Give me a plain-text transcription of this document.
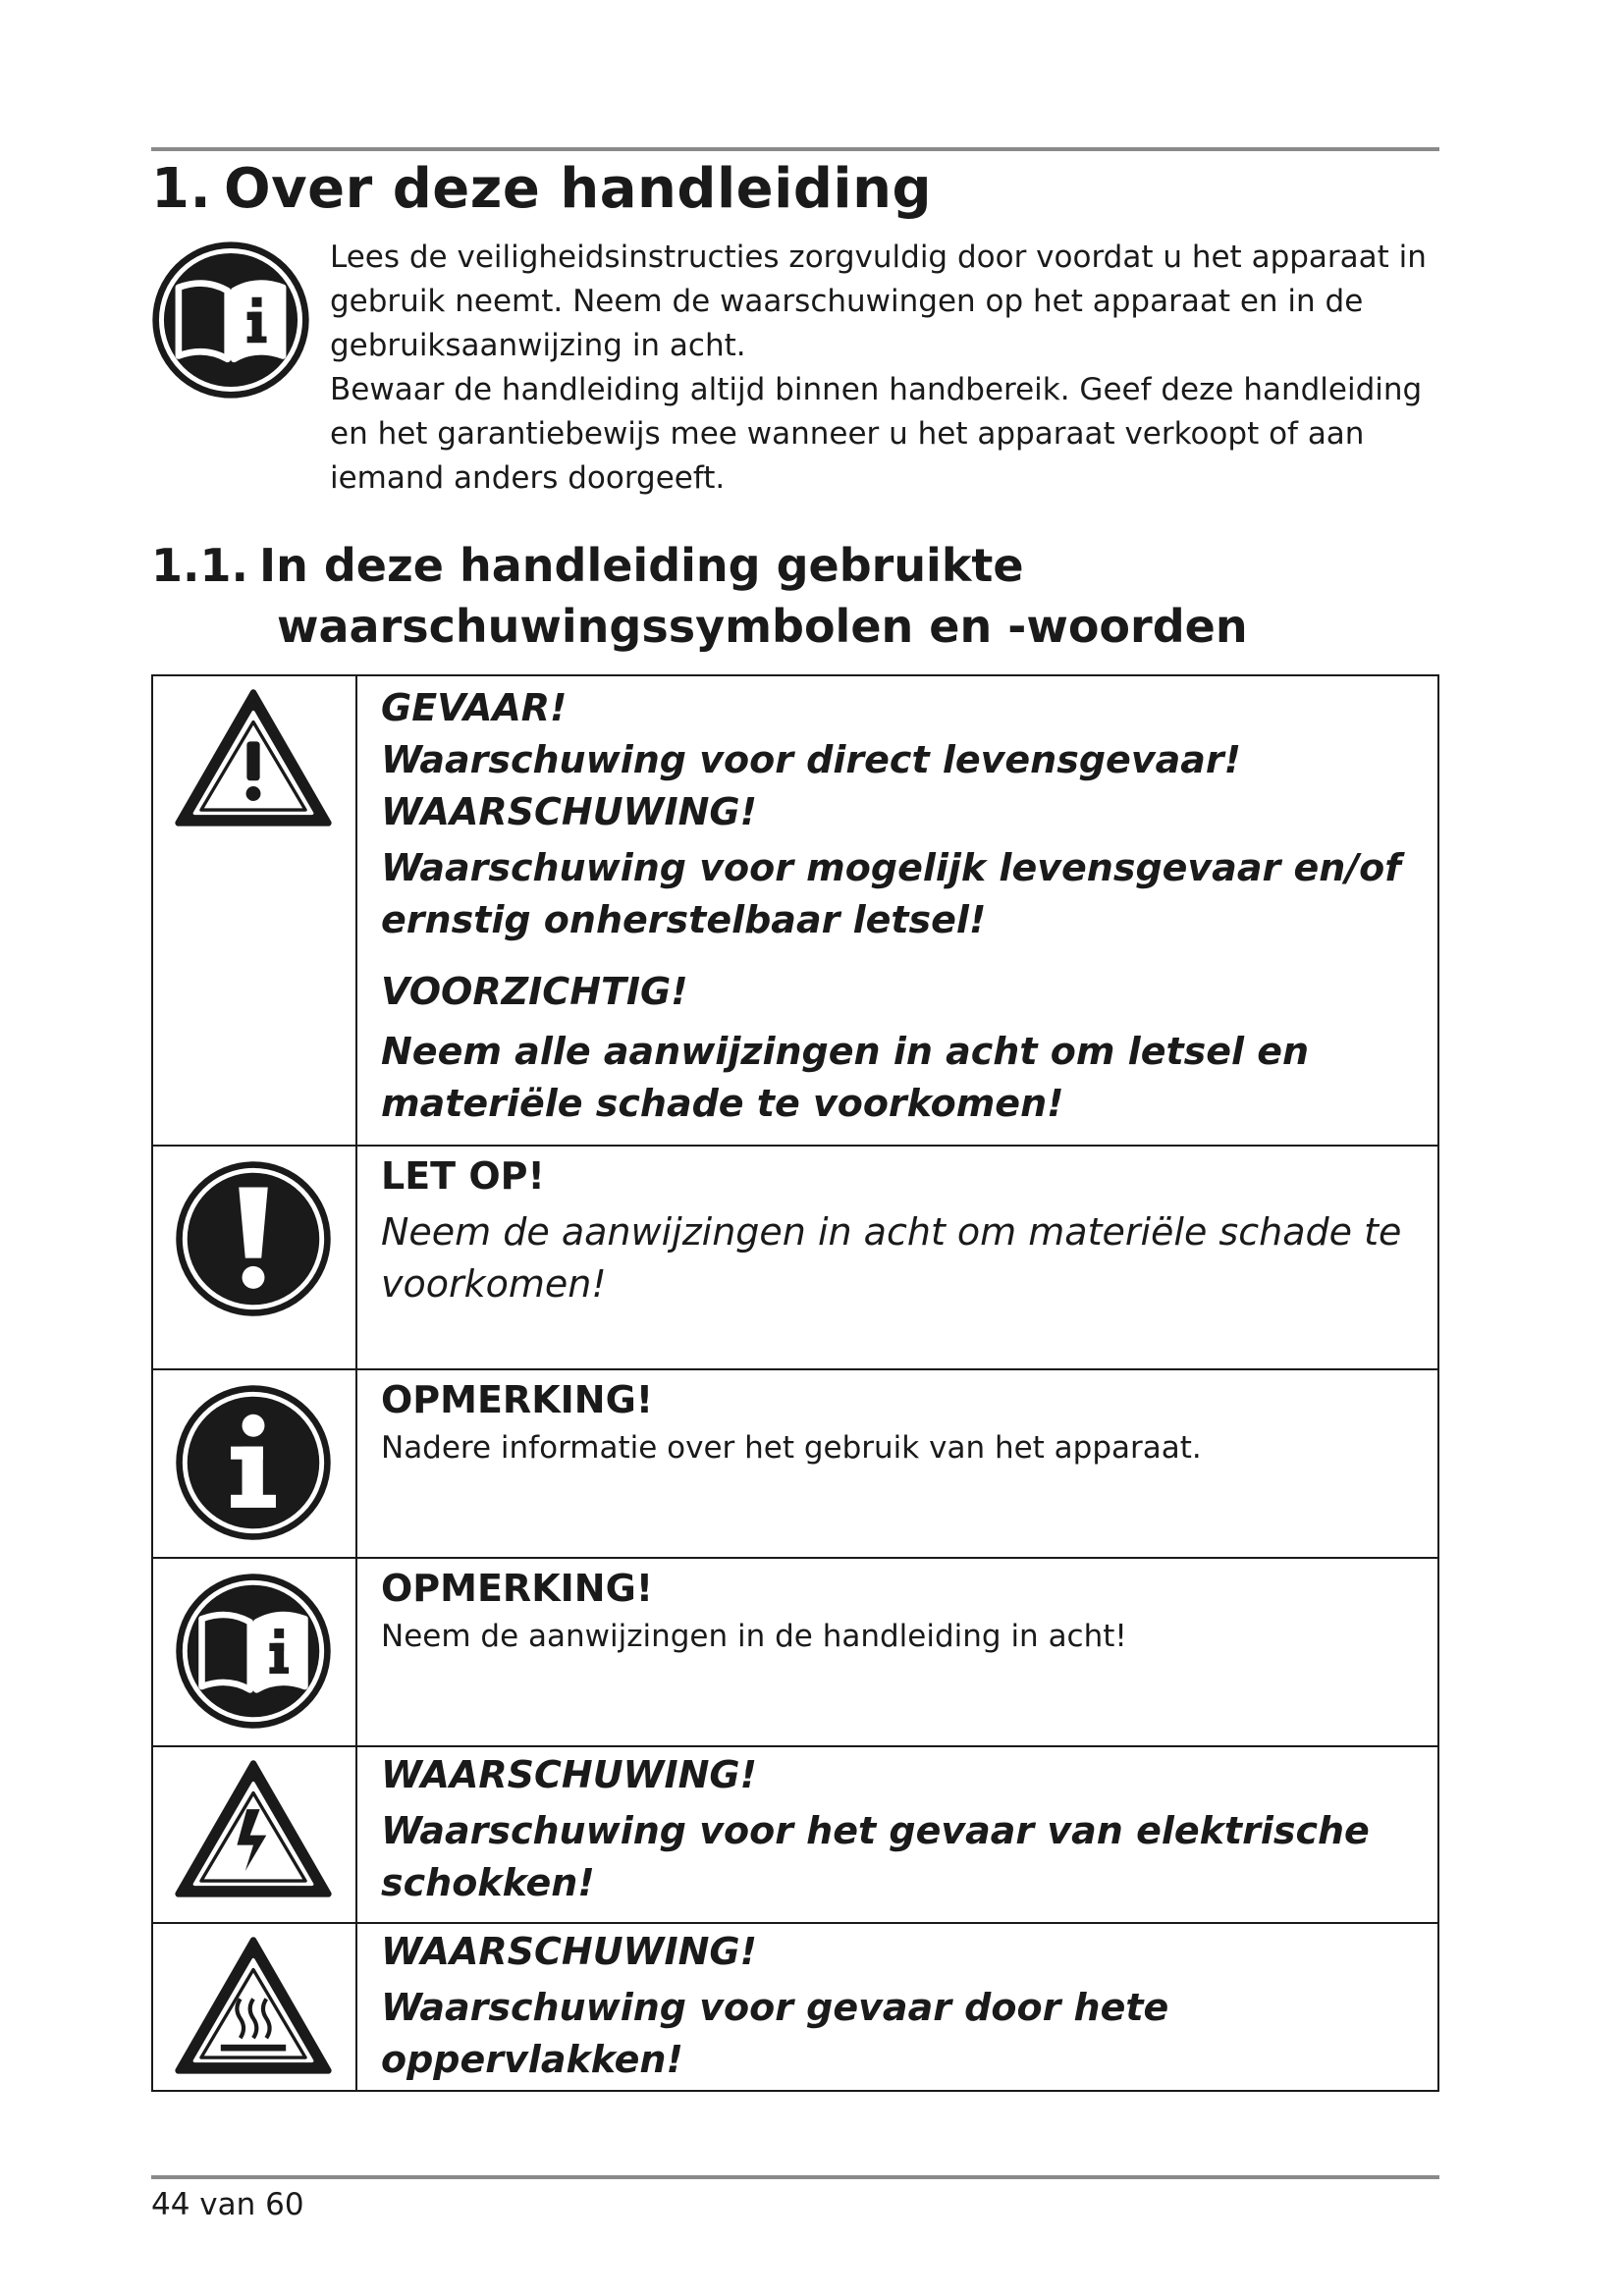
1. Over deze handleiding

Lees de veiligheidsinstructies zorgvuldig door voordat u het apparaat in gebruik neemt. Neem de waarschuwingen op het apparaat en in de gebruiksaanwijzing in acht.

Bewaar de handleiding altijd binnen handbereik. Geef deze handleiding en het garantiebewijs mee wanneer u het apparaat verkoopt of aan iemand anders doorgeeft.

1.1. In deze handleiding gebruikte
waarschuwingssymbolen en -woorden
GEVAAR!
Waarschuwing voor direct levensgevaar!
WAARSCHUWING!
Waarschuwing voor mogelijk levensgevaar en/of ernstig onherstelbaar letsel!
VOORZICHTIG!
Neem alle aanwijzingen in acht om letsel en materiële schade te voorkomen!
LET OP!
Neem de aanwijzingen in acht om materiële schade te voorkomen!
OPMERKING!
Nadere informatie over het gebruik van het apparaat.
OPMERKING!
Neem de aanwijzingen in de handleiding in acht!
WAARSCHUWING!
Waarschuwing voor het gevaar van elektrische schokken!
WAARSCHUWING!
Waarschuwing voor gevaar door hete oppervlakken!
44 van 60
